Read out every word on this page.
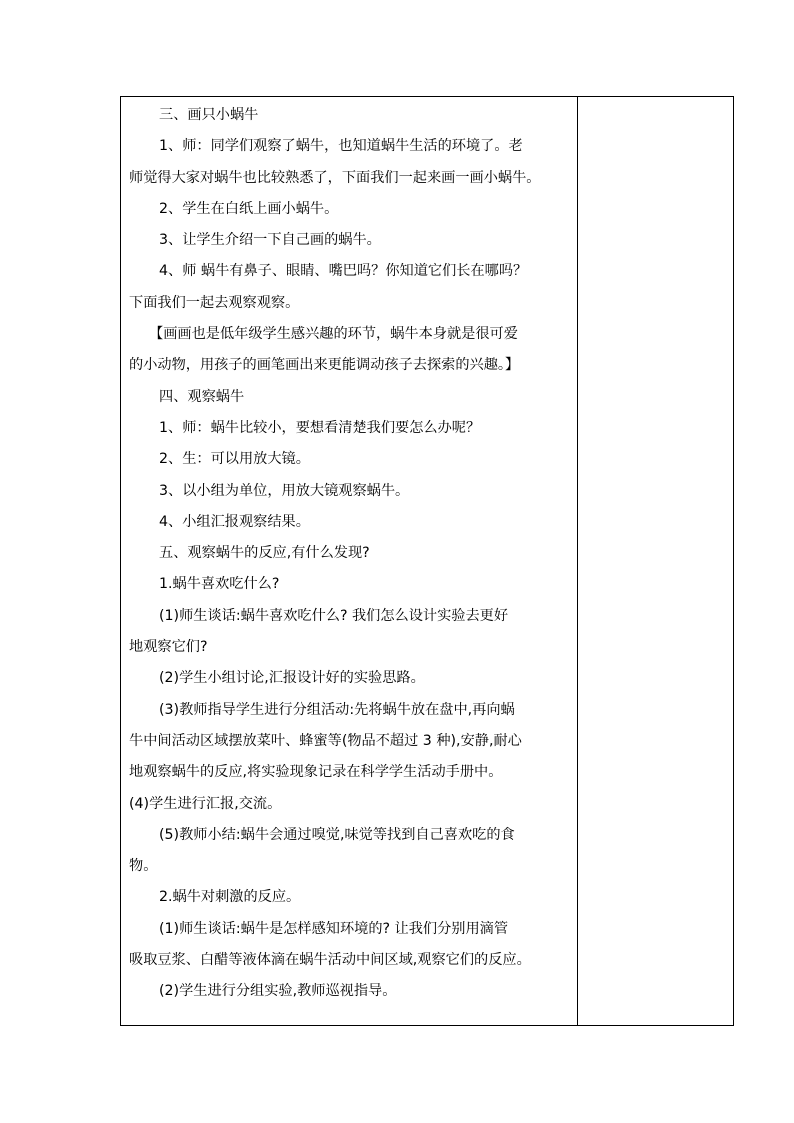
三、画只小蜗牛
1、师：同学们观察了蜗牛，也知道蜗牛生活的环境了。老
师觉得大家对蜗牛也比较熟悉了，下面我们一起来画一画小蜗牛。
2、学生在白纸上画小蜗牛。
3、让学生介绍一下自己画的蜗牛。
4、师 蜗牛有鼻子、眼睛、嘴巴吗？你知道它们长在哪吗？
下面我们一起去观察观察。
【画画也是低年级学生感兴趣的环节，蜗牛本身就是很可爱
的小动物，用孩子的画笔画出来更能调动孩子去探索的兴趣。】
四、观察蜗牛
1、师：蜗牛比较小，要想看清楚我们要怎么办呢？
2、生：可以用放大镜。
3、以小组为单位，用放大镜观察蜗牛。
4、小组汇报观察结果。
五、观察蜗牛的反应,有什么发现?
1.蜗牛喜欢吃什么?
(1)师生谈话:蜗牛喜欢吃什么? 我们怎么设计实验去更好
地观察它们?
(2)学生小组讨论,汇报设计好的实验思路。
(3)教师指导学生进行分组活动:先将蜗牛放在盘中,再向蜗
牛中间活动区域摆放菜叶、蜂蜜等(物品不超过 3 种),安静,耐心
地观察蜗牛的反应,将实验现象记录在科学学生活动手册中。
(4)学生进行汇报,交流。
(5)教师小结:蜗牛会通过嗅觉,味觉等找到自己喜欢吃的食
物。
2.蜗牛对刺激的反应。
(1)师生谈话:蜗牛是怎样感知环境的? 让我们分别用滴管
吸取豆浆、白醋等液体滴在蜗牛活动中间区域,观察它们的反应。
(2)学生进行分组实验,教师巡视指导。
